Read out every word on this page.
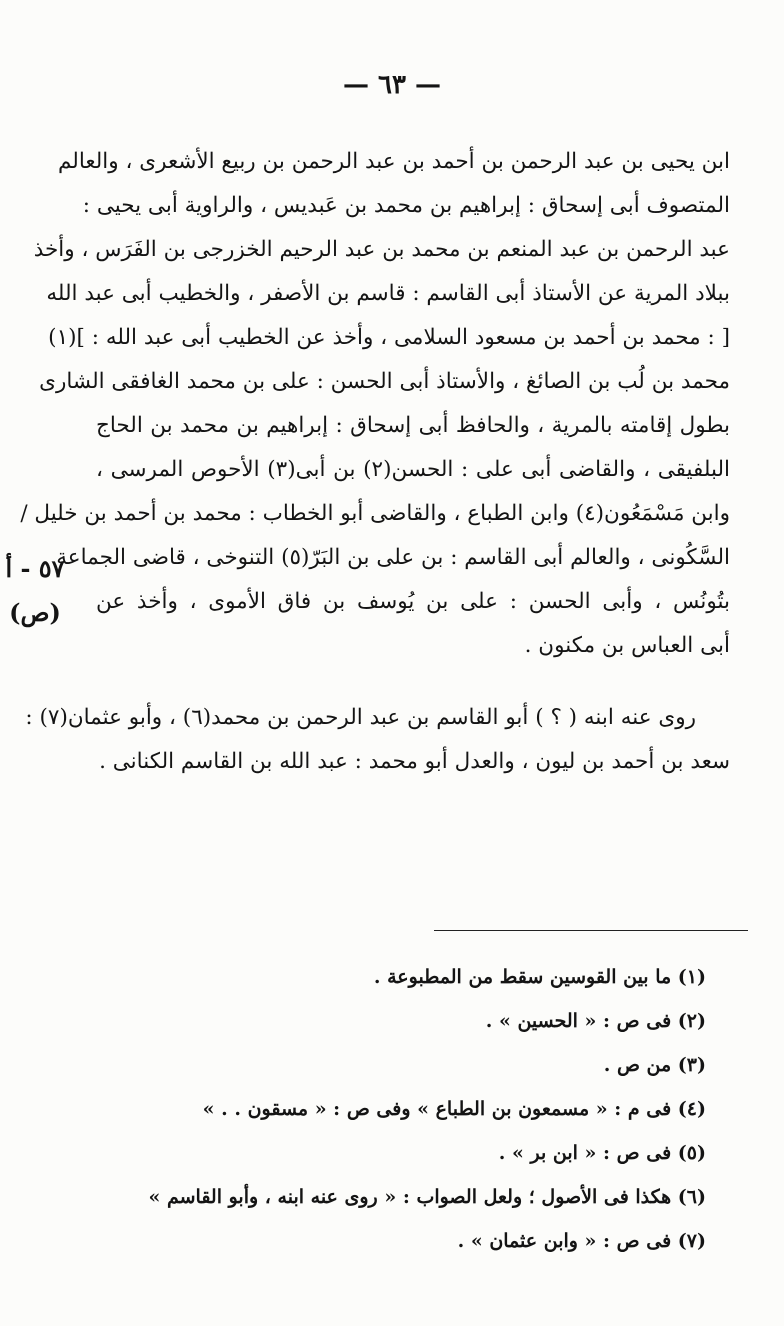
— ٦٣ —
٥٧ - أ
(ص)
ابن يحيى بن عبد الرحمن بن أحمد بن عبد الرحمن بن ربيع الأشعرى ، والعالم
المتصوف أبى إسحاق : إبراهيم بن محمد بن عَبديس ، والراوية أبى يحيى :
عبد الرحمن بن عبد المنعم بن محمد بن عبد الرحيم الخزرجى بن الفَرَس ، وأخذ
ببلاد المرية عن الأستاذ أبى القاسم : قاسم بن الأصفر ، والخطيب أبى عبد الله
[ : محمد بن أحمد بن مسعود السلامى ، وأخذ عن الخطيب أبى عبد الله : ](١)
محمد بن لُب بن الصائغ ، والأستاذ أبى الحسن : على بن محمد الغافقى الشارى
بطول إقامته بالمرية ، والحافظ أبى إسحاق : إبراهيم بن محمد بن الحاج
البلفيقى ، والقاضى أبى على : الحسن(٢) بن أبى(٣) الأحوص المرسى ،
وابن مَسْمَعُون(٤) وابن الطباع ، والقاضى أبو الخطاب : محمد بن أحمد بن خليل /
السَّكُونى ، والعالم أبى القاسم : بن على بن البَرّ(٥) التنوخى ، قاضى الجماعة
بتُونُس ، وأبى الحسن : على بن يُوسف بن فاق الأموى ، وأخذ عن
أبى العباس بن مكنون .
روى عنه ابنه ( ؟ ) أبو القاسم بن عبد الرحمن بن محمد(٦) ، وأبو عثمان(٧) :
سعد بن أحمد بن ليون ، والعدل أبو محمد : عبد الله بن القاسم الكنانى .
(١) ما بين القوسين سقط من المطبوعة .
(٢) فى ص : « الحسين » .
(٣) من ص .
(٤) فى م : « مسمعون بن الطباع » وفى ص : « مسقون . . »
(٥) فى ص : « ابن بر » .
(٦) هكذا فى الأصول ؛ ولعل الصواب : « روى عنه ابنه ، وأبو القاسم »
(٧) فى ص : « وابن عثمان » .
